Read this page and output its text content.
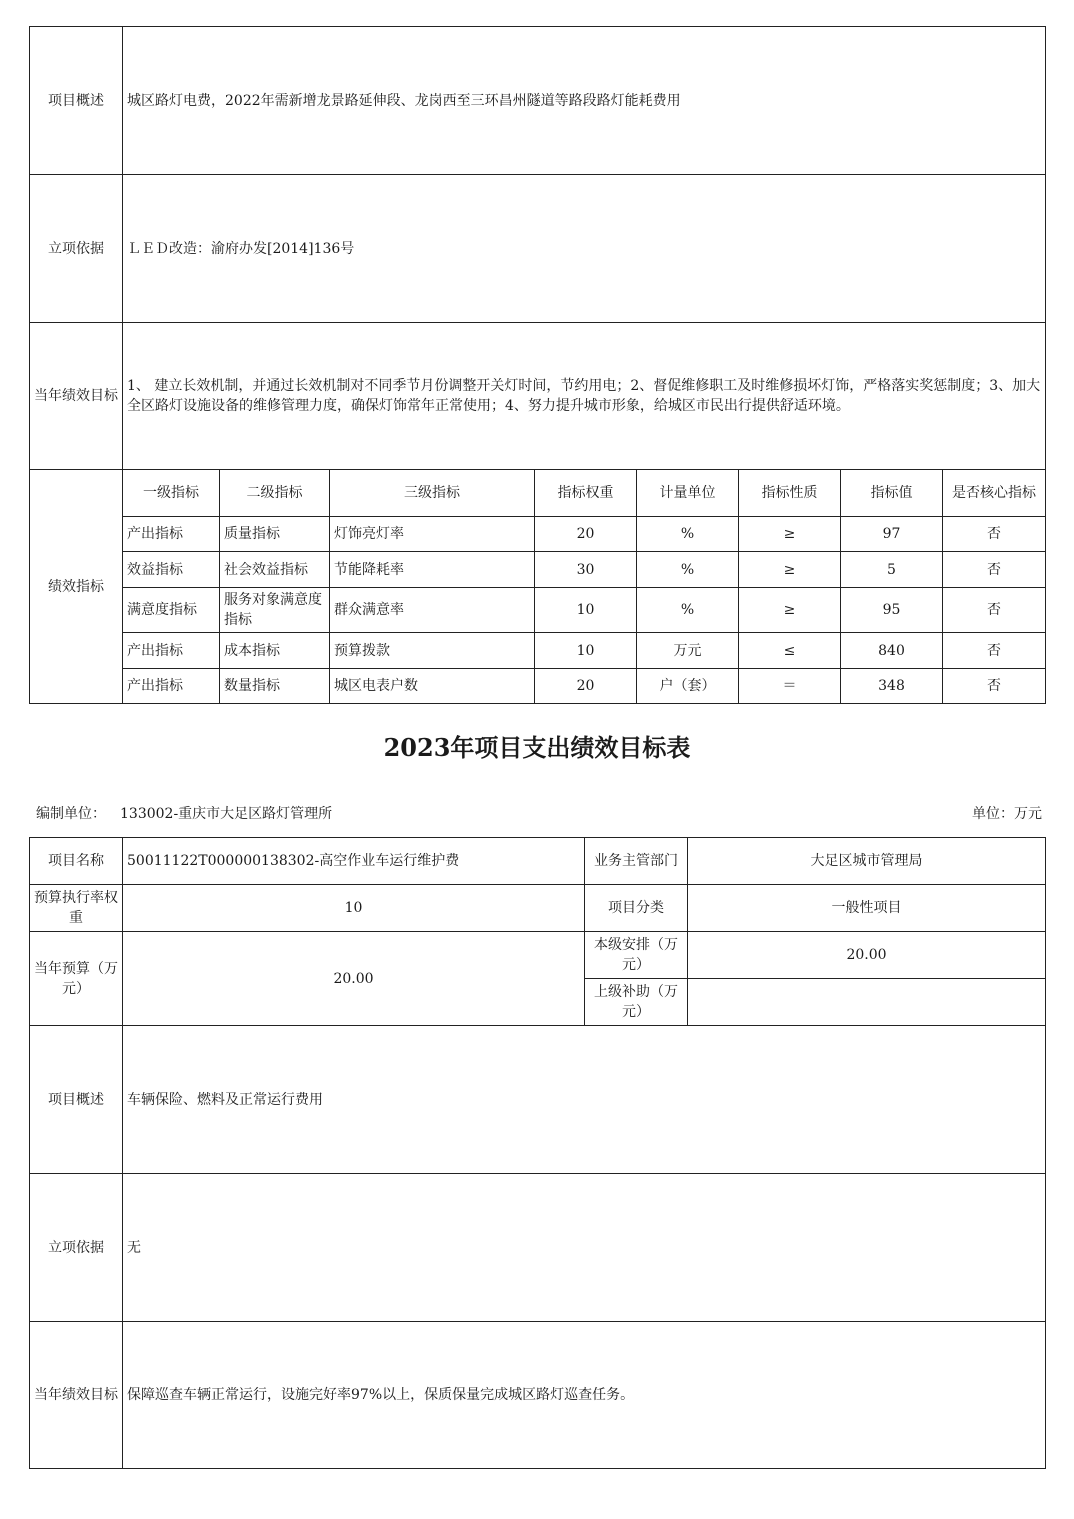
项目概述	城区路灯电费，2022年需新增龙景路延伸段、龙岗西至三环昌州隧道等路段路灯能耗费用							
立项依据	ＬＥＤ改造：渝府办发[2014]136号							
当年绩效目标	1、 建立长效机制，并通过长效机制对不同季节月份调整开关灯时间，节约用电；2、督促维修职工及时维修损坏灯饰，严格落实奖惩制度；3、加大全区路灯设施设备的维修管理力度，确保灯饰常年正常使用；4、努力提升城市形象，给城区市民出行提供舒适环境。							
绩效指标	一级指标	二级指标	三级指标	指标权重	计量单位	指标性质	指标值	是否核心指标
	产出指标	质量指标	灯饰亮灯率	20	%	≥	97	否
	效益指标	社会效益指标	节能降耗率	30	%	≥	5	否
	满意度指标	服务对象满意度指标	群众满意率	10	%	≥	95	否
	产出指标	成本指标	预算拨款	10	万元	≤	840	否
	产出指标	数量指标	城区电表户数	20	户（套）	＝	348	否
2023年项目支出绩效目标表
编制单位： 133002-重庆市大足区路灯管理所	单位：万元
项目名称	50011122T000000138302-高空作业车运行维护费	业务主管部门	大足区城市管理局
预算执行率权重	10	项目分类	一般性项目
当年预算（万元）	20.00	本级安排（万元）	20.00
		上级补助（万元）	
项目概述	车辆保险、燃料及正常运行费用		
立项依据	无		
当年绩效目标	保障巡查车辆正常运行，设施完好率97%以上，保质保量完成城区路灯巡查任务。		
